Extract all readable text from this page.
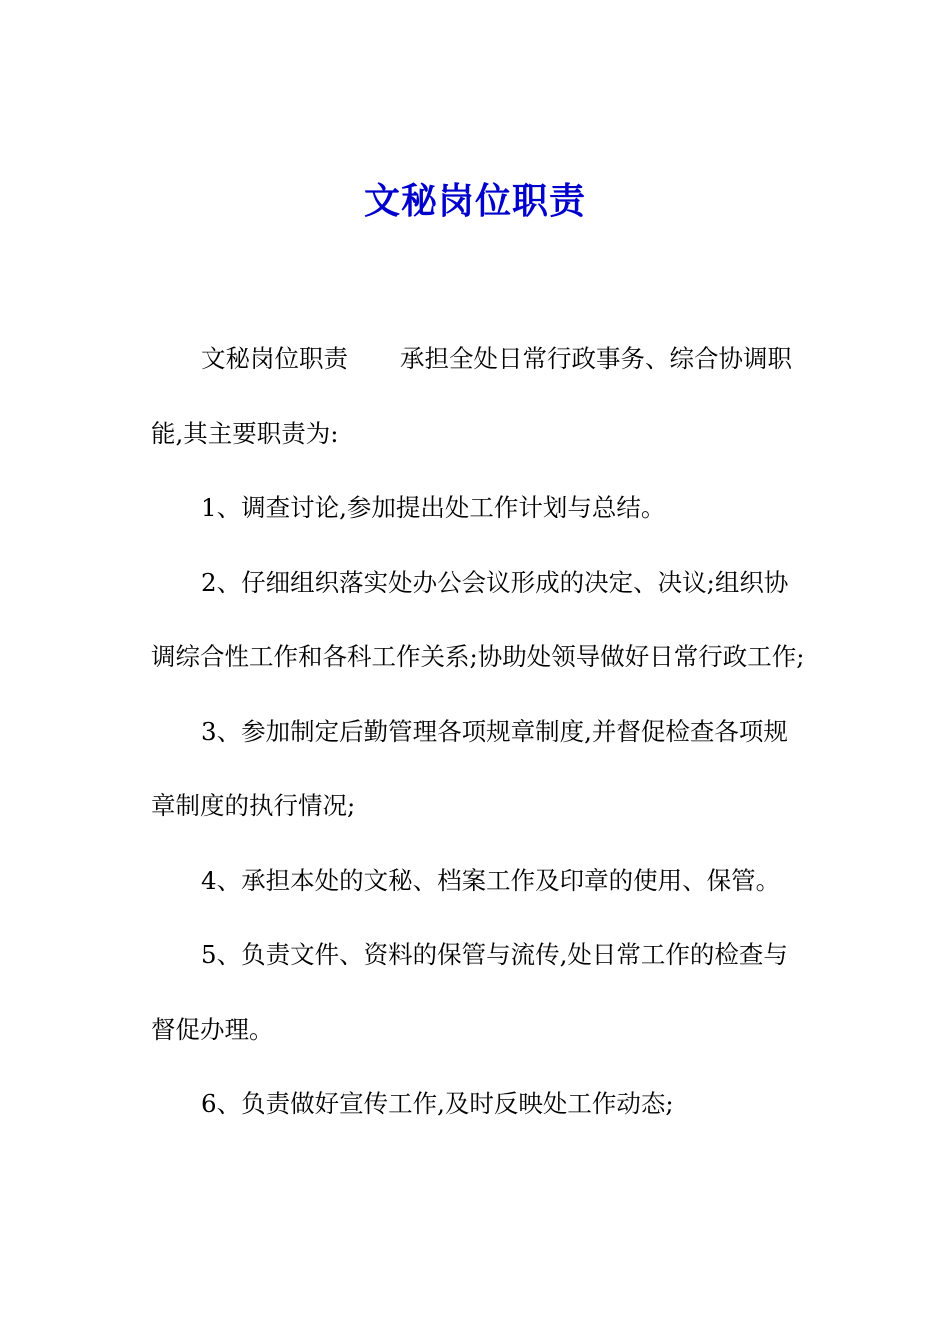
文秘岗位职责

文秘岗位职责 承担全处日常行政事务、综合协调职能,其主要职责为:

1、调查讨论,参加提出处工作计划与总结。

2、仔细组织落实处办公会议形成的决定、决议;组织协调综合性工作和各科工作关系;协助处领导做好日常行政工作;

3、参加制定后勤管理各项规章制度,并督促检查各项规章制度的执行情况;

4、承担本处的文秘、档案工作及印章的使用、保管。

5、负责文件、资料的保管与流传,处日常工作的检查与督促办理。

6、负责做好宣传工作,及时反映处工作动态;
